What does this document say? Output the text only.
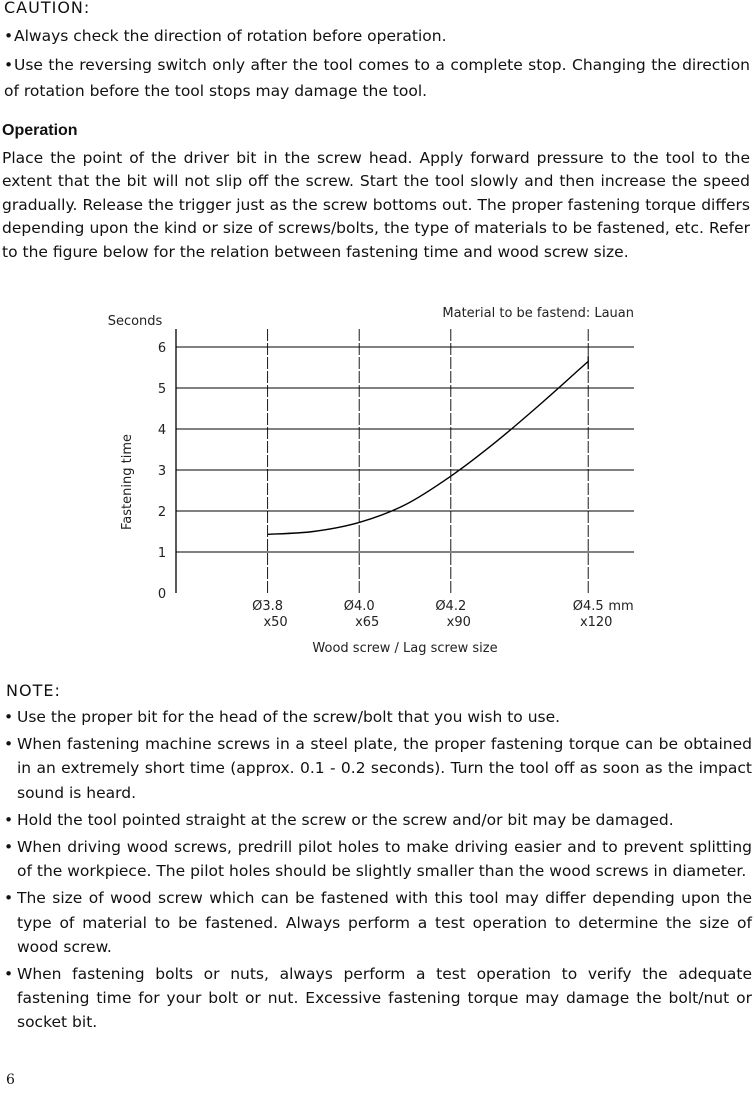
CAUTION:
•Always check the direction of rotation before operation.
•Use the reversing switch only after the tool comes to a complete stop. Changing the direction of rotation before the tool stops may damage the tool.
Operation
Place the point of the driver bit in the screw head. Apply forward pressure to the tool to the extent that the bit will not slip off the screw. Start the tool slowly and then increase the speed gradually. Release the trigger just as the screw bottoms out. The proper fastening torque differs depending upon the kind or size of screws/bolts, the type of materials to be fastened, etc. Refer to the figure below for the relation between fastening time and wood screw size.
0
1
2
3
4
5
6
Ø3.8
x50
Ø4.0
x65
Ø4.2
x90
Ø4.5
x120
Material to be fastend: Lauan
Seconds
Fastening time
mm
Wood screw / Lag screw size
NOTE:
• Use the proper bit for the head of the screw/bolt that you wish to use.
• When fastening machine screws in a steel plate, the proper fastening torque can be obtained in an extremely short time (approx. 0.1 - 0.2 seconds). Turn the tool off as soon as the impact sound is heard.
• Hold the tool pointed straight at the screw or the screw and/or bit may be damaged.
• When driving wood screws, predrill pilot holes to make driving easier and to prevent splitting of the workpiece. The pilot holes should be slightly smaller than the wood screws in diameter.
• The size of wood screw which can be fastened with this tool may differ depending upon the type of material to be fastened. Always perform a test operation to determine the size of wood screw.
• When fastening bolts or nuts, always perform a test operation to verify the adequate fastening time for your bolt or nut. Excessive fastening torque may damage the bolt/nut or socket bit.
6
